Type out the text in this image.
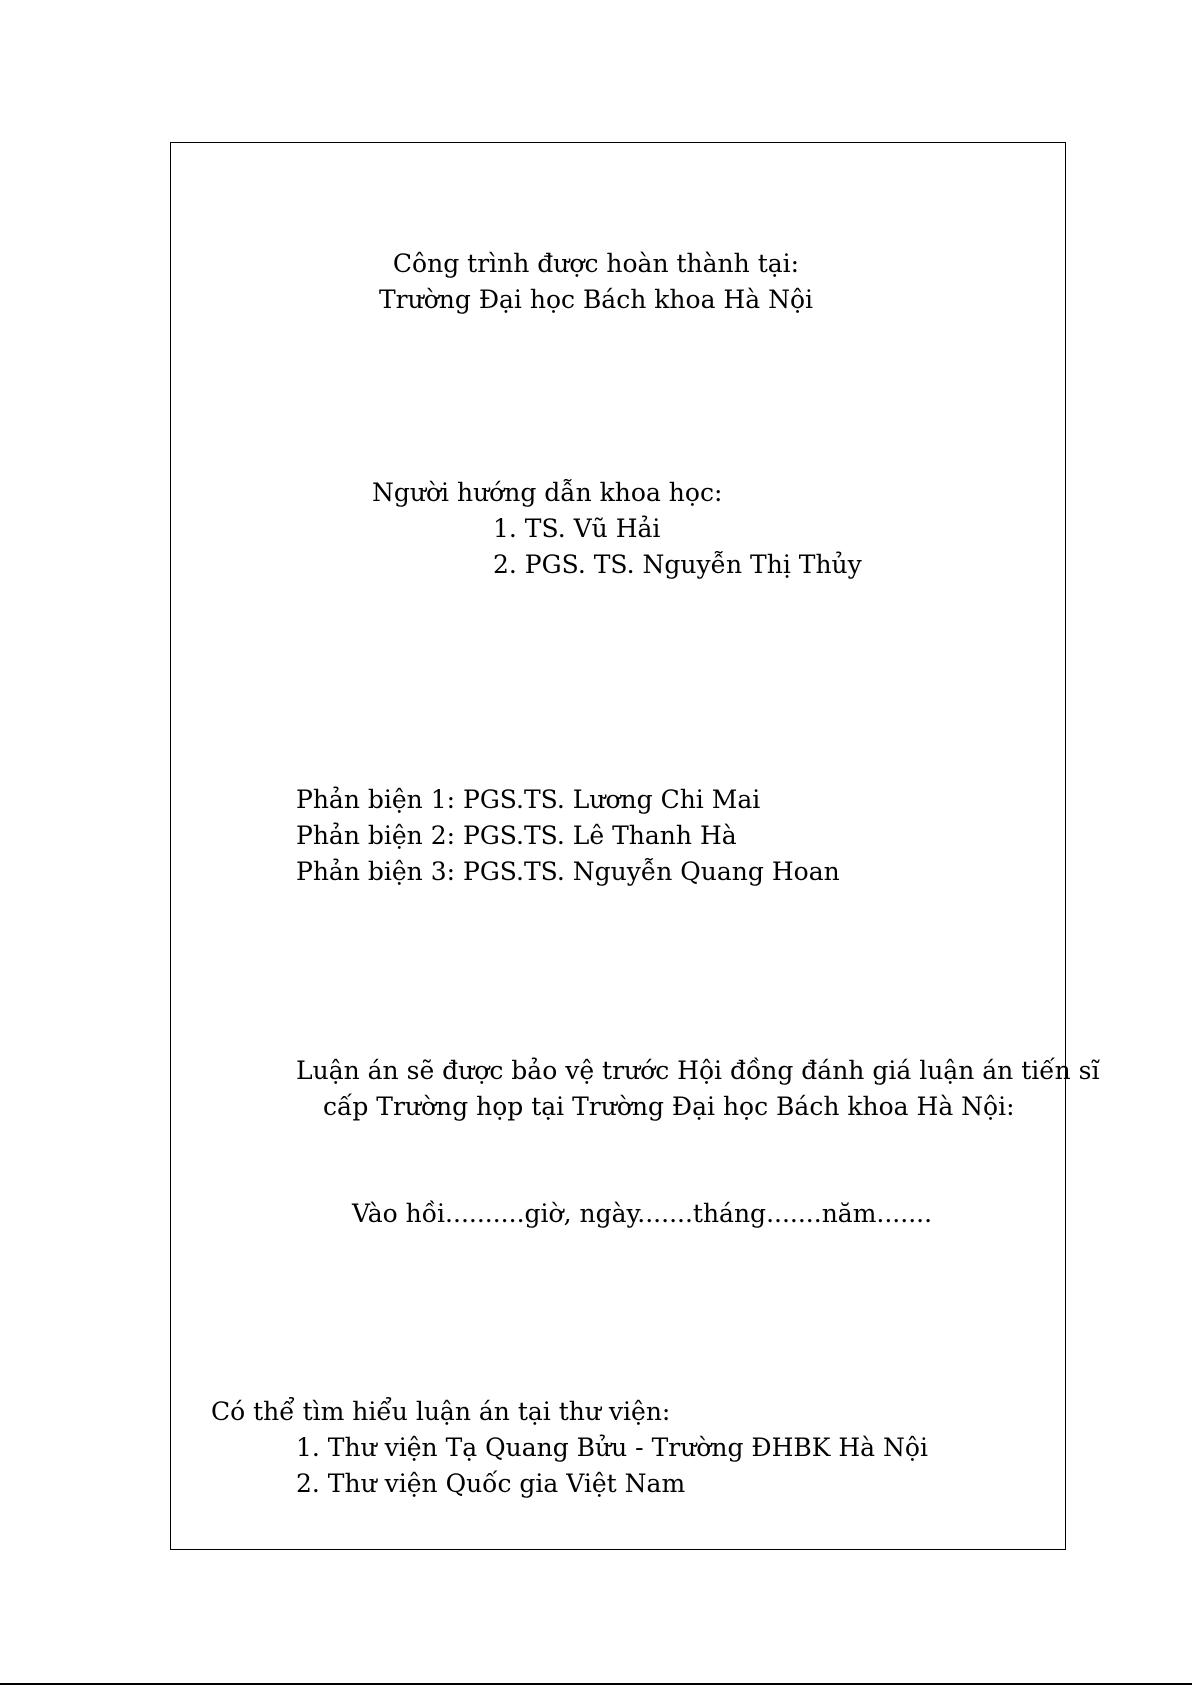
Công trình được hoàn thành tại:
Trường Đại học Bách khoa Hà Nội
Người hướng dẫn khoa học:
1. TS. Vũ Hải
2. PGS. TS. Nguyễn Thị Thủy
Phản biện 1: PGS.TS. Lương Chi Mai
Phản biện 2: PGS.TS. Lê Thanh Hà
Phản biện 3: PGS.TS. Nguyễn Quang Hoan
Luận án sẽ được bảo vệ trước Hội đồng đánh giá luận án tiến sĩ
cấp Trường họp tại Trường Đại học Bách khoa Hà Nội:
Vào hồi..........giờ, ngày.......tháng.......năm.......
Có thể tìm hiểu luận án tại thư viện:
1. Thư viện Tạ Quang Bửu - Trường ĐHBK Hà Nội
2. Thư viện Quốc gia Việt Nam
